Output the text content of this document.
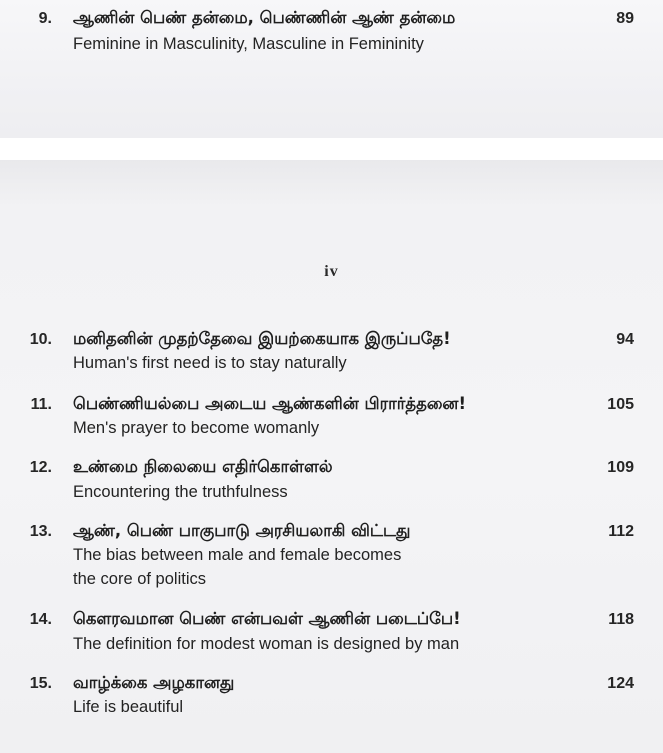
iv
9. ஆணின் பெண் தன்மை, பெண்ணின் ஆண் தன்மை	89
Feminine in Masculinity, Masculine in Femininity
10. மனிதனின் முதற்தேவை இயற்கையாக இருப்பதே!	94
Human's first need is to stay naturally
11. பெண்ணியல்பை அடைய ஆண்களின் பிரார்த்தனை!	105
Men's prayer to become womanly
12. உண்மை நிலையை எதிர்கொள்ளல்	109
Encountering the truthfulness
13. ஆண், பெண் பாகுபாடு அரசியலாகி விட்டது	112
The bias between male and female becomes
the core of politics
14. கௌரவமான பெண் என்பவள் ஆணின் படைப்பே!	118
The definition for modest woman is designed by man
15. வாழ்க்கை அழகானது	124
Life is beautiful
